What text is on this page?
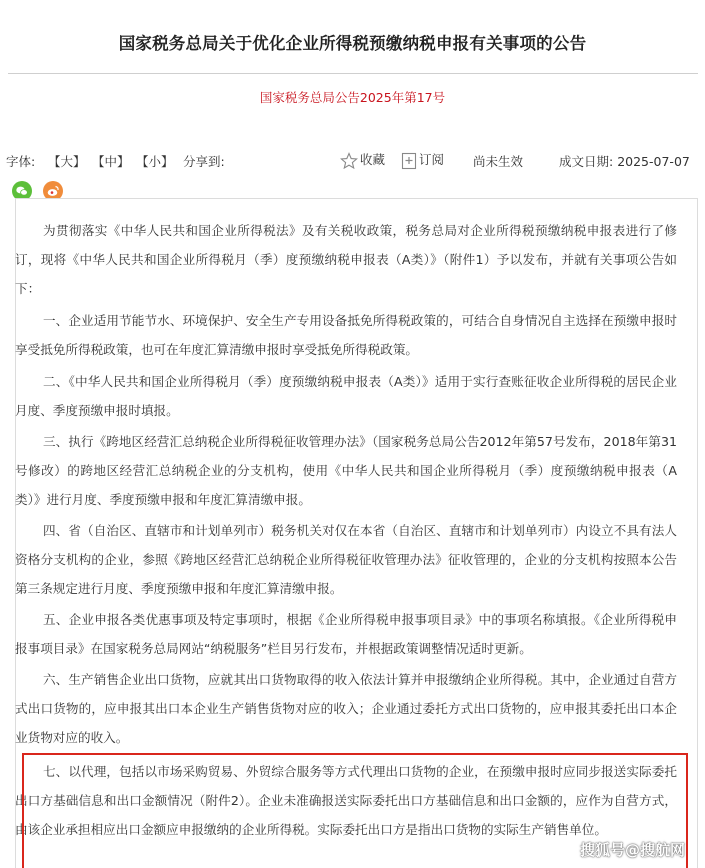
国家税务总局关于优化企业所得税预缴纳税申报有关事项的公告
国家税务总局公告2025年第17号
字体: 【大】 【中】 【小】 分享到:	收藏	订阅 尚未生效	成文日期: 2025-07-07

为贯彻落实《中华人民共和国企业所得税法》及有关税收政策，税务总局对企业所得税预缴纳税申报表进行了修订，现将《中华人民共和国企业所得税月（季）度预缴纳税申报表（A类）》（附件1）予以发布，并就有关事项公告如下：

一、企业适用节能节水、环境保护、安全生产专用设备抵免所得税政策的，可结合自身情况自主选择在预缴申报时享受抵免所得税政策，也可在年度汇算清缴申报时享受抵免所得税政策。

二、《中华人民共和国企业所得税月（季）度预缴纳税申报表（A类）》适用于实行查账征收企业所得税的居民企业月度、季度预缴申报时填报。

三、执行《跨地区经营汇总纳税企业所得税征收管理办法》（国家税务总局公告2012年第57号发布，2018年第31号修改）的跨地区经营汇总纳税企业的分支机构，使用《中华人民共和国企业所得税月（季）度预缴纳税申报表（A类）》进行月度、季度预缴申报和年度汇算清缴申报。

四、省（自治区、直辖市和计划单列市）税务机关对仅在本省（自治区、直辖市和计划单列市）内设立不具有法人资格分支机构的企业，参照《跨地区经营汇总纳税企业所得税征收管理办法》征收管理的，企业的分支机构按照本公告第三条规定进行月度、季度预缴申报和年度汇算清缴申报。

五、企业申报各类优惠事项及特定事项时，根据《企业所得税申报事项目录》中的事项名称填报。《企业所得税申报事项目录》在国家税务总局网站“纳税服务”栏目另行发布，并根据政策调整情况适时更新。

六、生产销售企业出口货物，应就其出口货物取得的收入依法计算并申报缴纳企业所得税。其中，企业通过自营方式出口货物的，应申报其出口本企业生产销售货物对应的收入；企业通过委托方式出口货物的，应申报其委托出口本企业货物对应的收入。

七、以代理，包括以市场采购贸易、外贸综合服务等方式代理出口货物的企业，在预缴申报时应同步报送实际委托出口方基础信息和出口金额情况（附件2）。企业未准确报送实际委托出口方基础信息和出口金额的，应作为自营方式，由该企业承担相应出口金额应申报缴纳的企业所得税。实际委托出口方是指出口货物的实际生产销售单位。

搜狐号@搜航网
